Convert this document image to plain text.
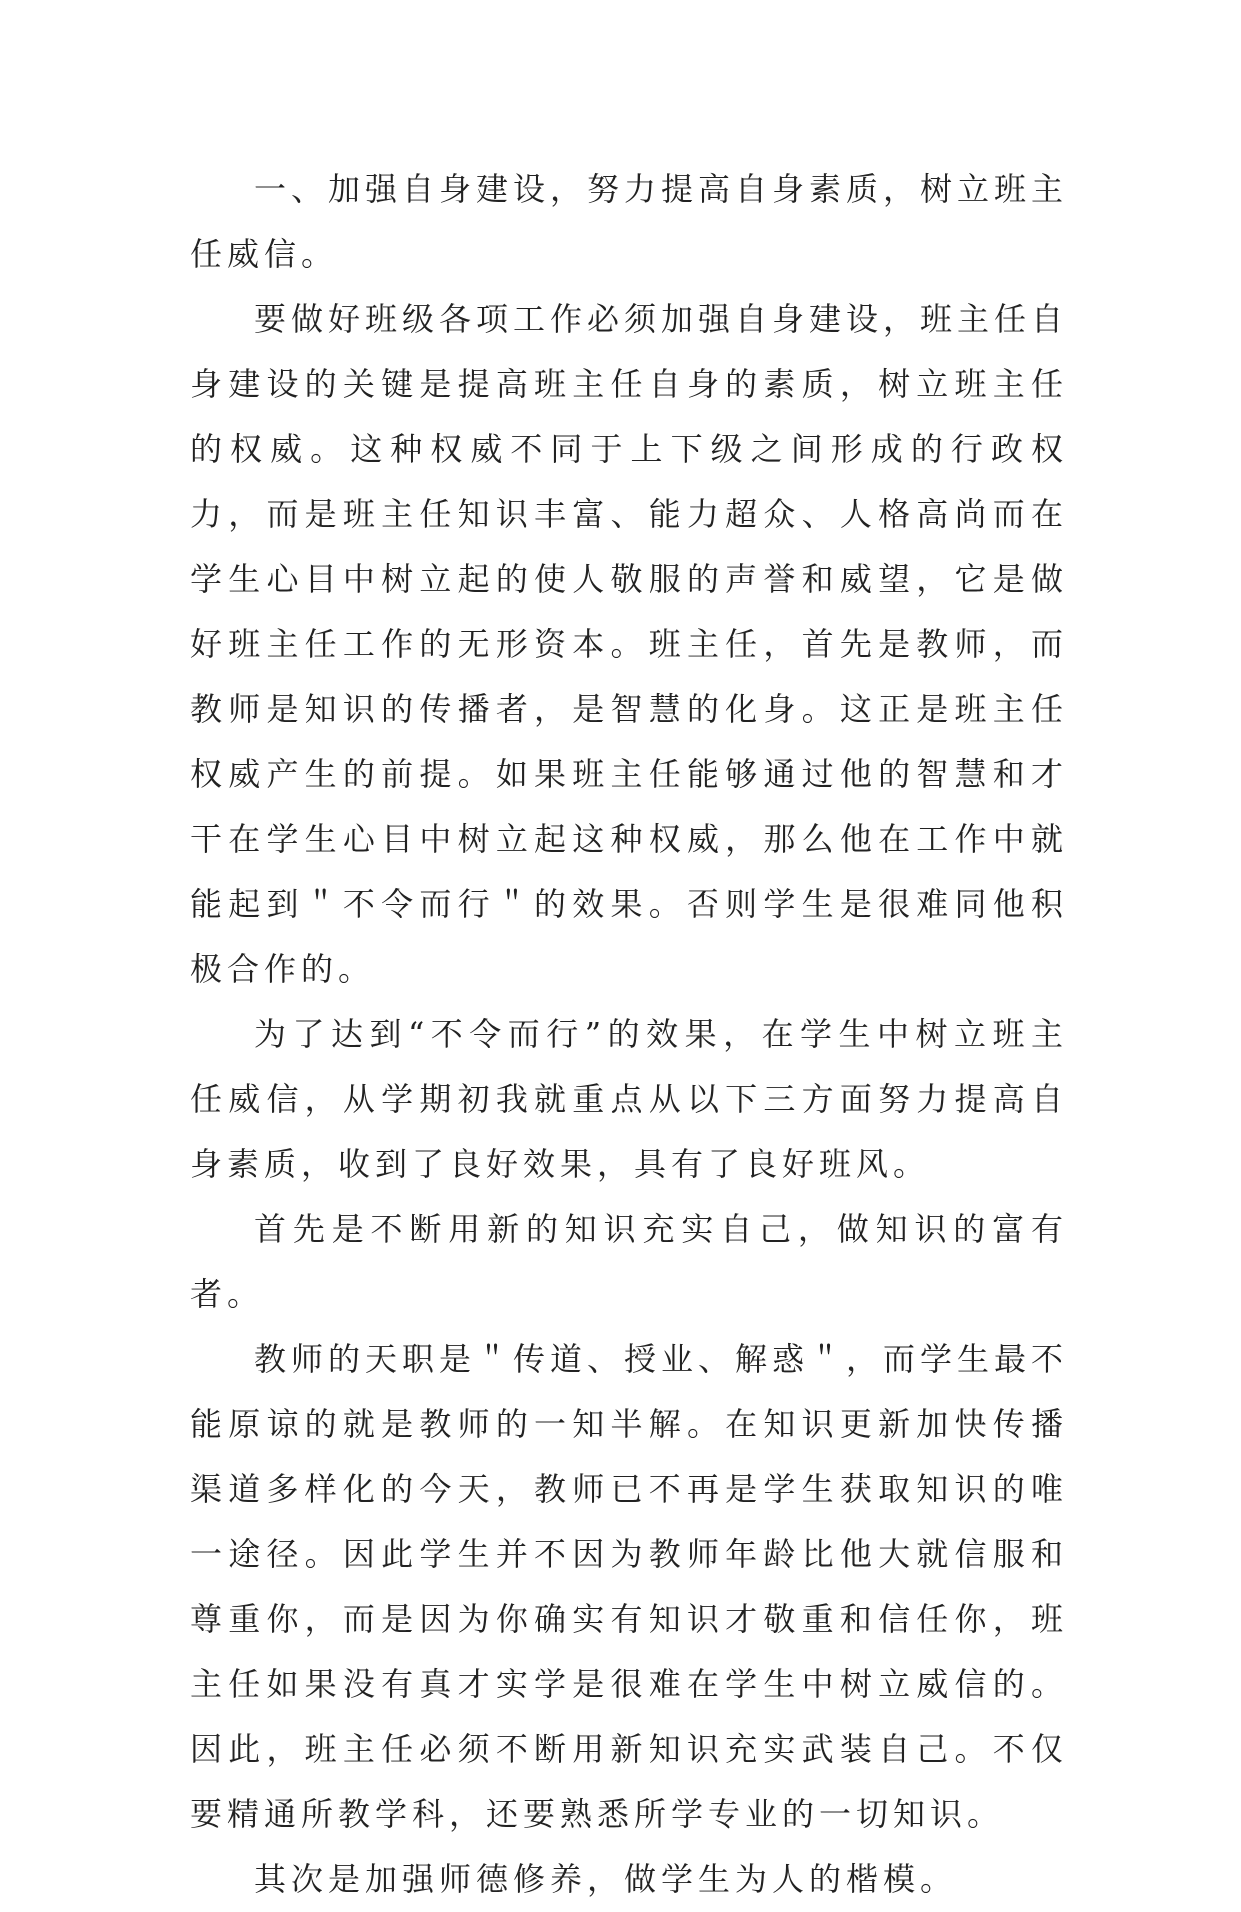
一、加强自身建设，努力提高自身素质，树立班主任威信。

要做好班级各项工作必须加强自身建设，班主任自身建设的关键是提高班主任自身的素质，树立班主任的权威。这种权威不同于上下级之间形成的行政权力，而是班主任知识丰富、能力超众、人格高尚而在学生心目中树立起的使人敬服的声誉和威望，它是做好班主任工作的无形资本。班主任，首先是教师，而教师是知识的传播者，是智慧的化身。这正是班主任权威产生的前提。如果班主任能够通过他的智慧和才干在学生心目中树立起这种权威，那么他在工作中就能起到＂不令而行＂的效果。否则学生是很难同他积极合作的。

为了达到“不令而行”的效果，在学生中树立班主任威信，从学期初我就重点从以下三方面努力提高自身素质，收到了良好效果，具有了良好班风。

首先是不断用新的知识充实自己，做知识的富有者。

教师的天职是＂传道、授业、解惑＂，而学生最不能原谅的就是教师的一知半解。在知识更新加快传播渠道多样化的今天，教师已不再是学生获取知识的唯一途径。因此学生并不因为教师年龄比他大就信服和尊重你，而是因为你确实有知识才敬重和信任你，班主任如果没有真才实学是很难在学生中树立威信的。因此，班主任必须不断用新知识充实武装自己。不仅要精通所教学科，还要熟悉所学专业的一切知识。

其次是加强师德修养，做学生为人的楷模。
